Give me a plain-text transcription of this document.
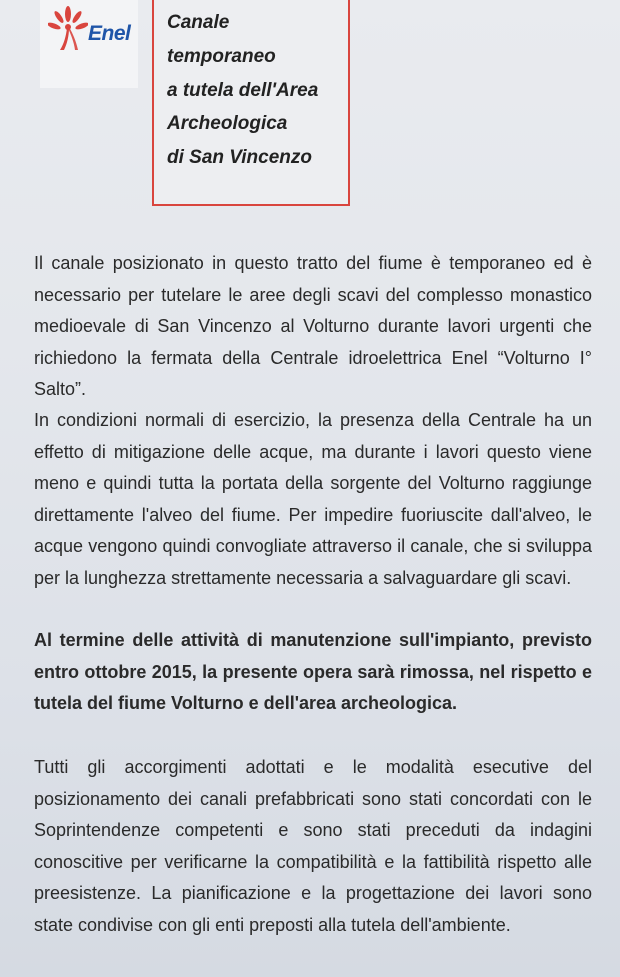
Enel Canale
temporaneo
a tutela dell'Area
Archeologica
di San Vincenzo
Il canale posizionato in questo tratto del fiume è temporaneo ed è necessario per tutelare le aree degli scavi del complesso monastico medioevale di San Vincenzo al Volturno durante lavori urgenti che richiedono la fermata della Centrale idroelettrica Enel “Volturno I° Salto”.
In condizioni normali di esercizio, la presenza della Centrale ha un effetto di mitigazione delle acque, ma durante i lavori questo viene meno e quindi tutta la portata della sorgente del Volturno raggiunge direttamente l'alveo del fiume. Per impedire fuoriuscite dall'alveo, le acque vengono quindi convogliate attraverso il canale, che si sviluppa per la lunghezza strettamente necessaria a salvaguardare gli scavi.
Al termine delle attività di manutenzione sull'impianto, previsto entro ottobre 2015, la presente opera sarà rimossa, nel rispetto e tutela del fiume Volturno e dell'area archeologica.
Tutti gli accorgimenti adottati e le modalità esecutive del posizionamento dei canali prefabbricati sono stati concordati con le Soprintendenze competenti e sono stati preceduti da indagini conoscitive per verificarne la compatibilità e la fattibilità rispetto alle preesistenze. La pianificazione e la progettazione dei lavori sono state condivise con gli enti preposti alla tutela dell'ambiente.
